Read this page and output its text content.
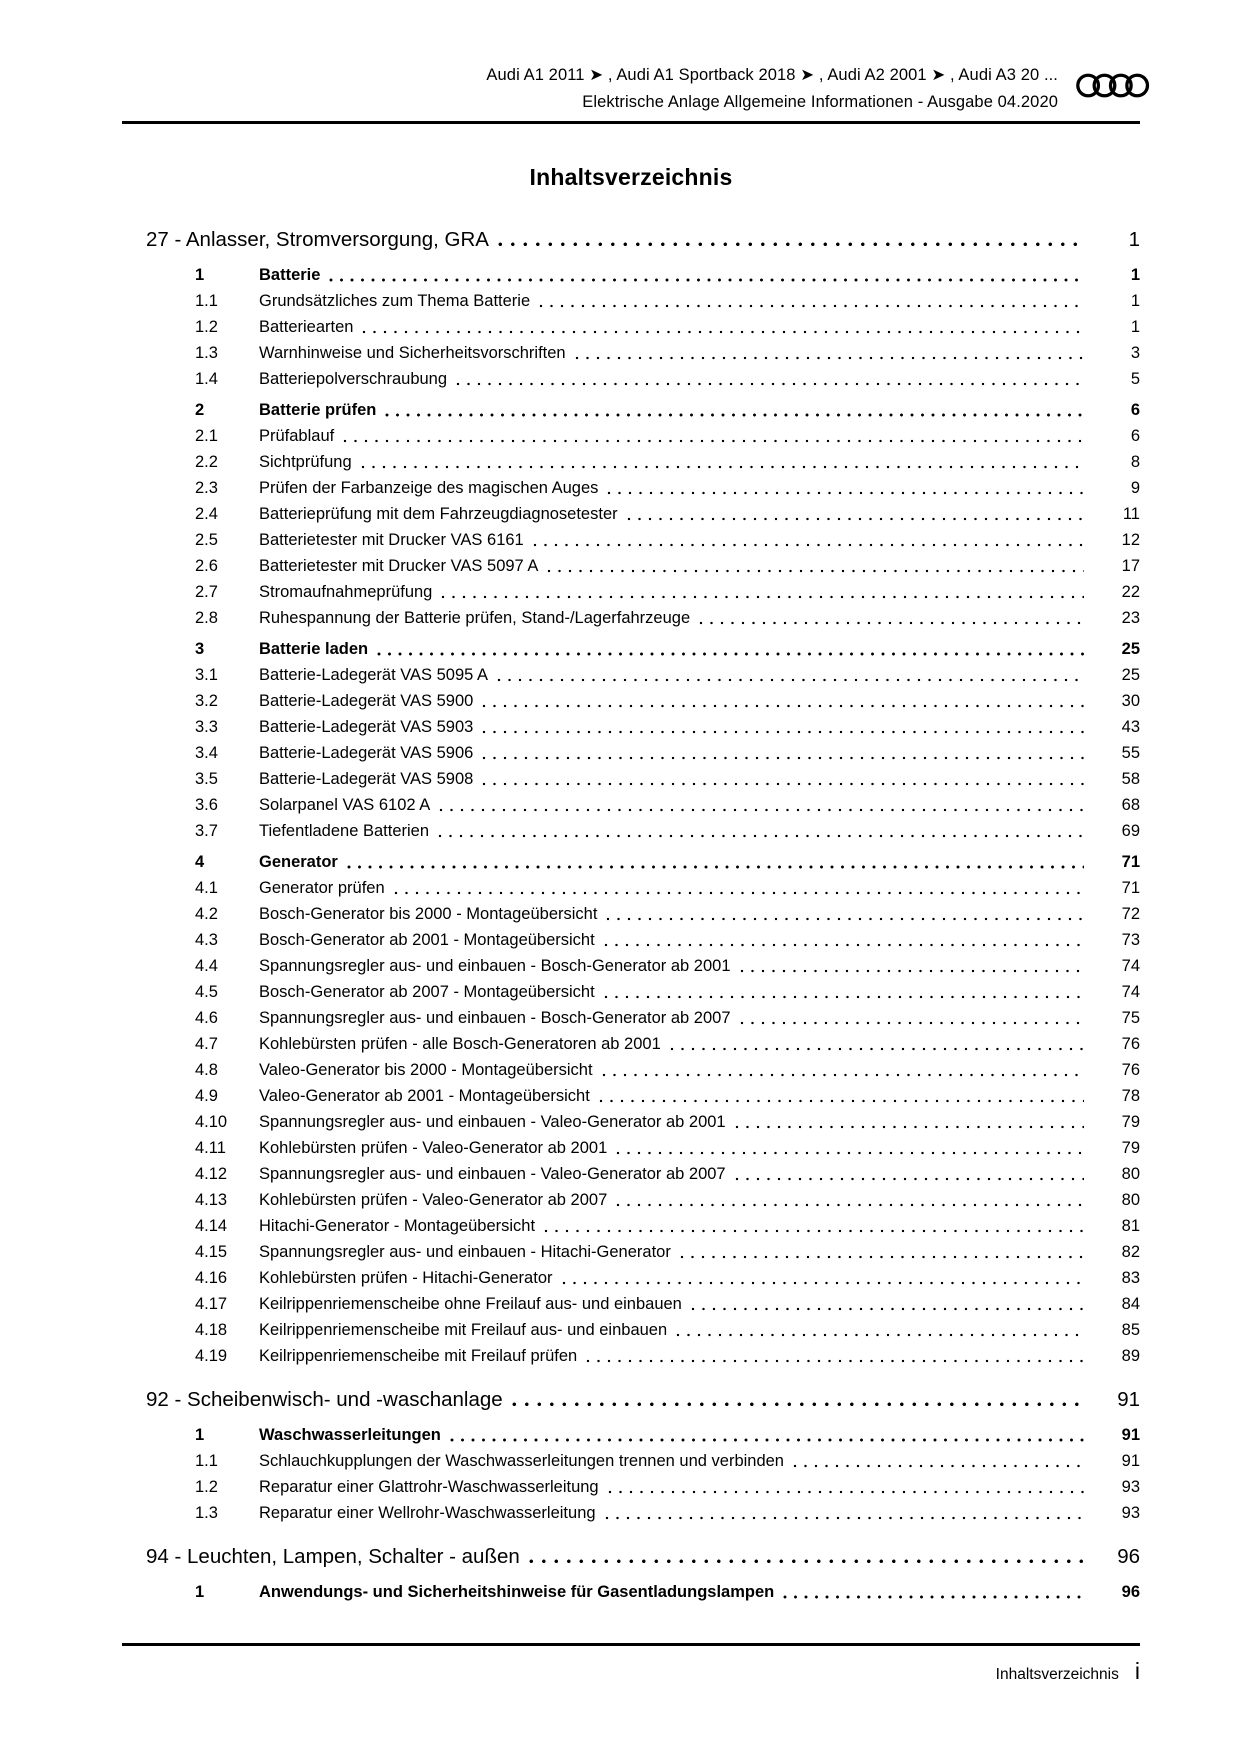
Audi A1 2011 ➤ , Audi A1 Sportback 2018 ➤ , Audi A2 2001 ➤ , Audi A3 20 ...
Elektrische Anlage Allgemeine Informationen - Ausgabe 04.2020
Inhaltsverzeichnis
27 - Anlasser, Stromversorgung, GRA	1
1	Batterie	1
1.1	Grundsätzliches zum Thema Batterie	1
1.2	Batteriearten	1
1.3	Warnhinweise und Sicherheitsvorschriften	3
1.4	Batteriepolverschraubung	5
2	Batterie prüfen	6
2.1	Prüfablauf	6
2.2	Sichtprüfung	8
2.3	Prüfen der Farbanzeige des magischen Auges	9
2.4	Batterieprüfung mit dem Fahrzeugdiagnosetester	11
2.5	Batterietester mit Drucker VAS 6161	12
2.6	Batterietester mit Drucker VAS 5097 A	17
2.7	Stromaufnahmeprüfung	22
2.8	Ruhespannung der Batterie prüfen, Stand-/Lagerfahrzeuge	23
3	Batterie laden	25
3.1	Batterie-Ladegerät VAS 5095 A	25
3.2	Batterie-Ladegerät VAS 5900	30
3.3	Batterie-Ladegerät VAS 5903	43
3.4	Batterie-Ladegerät VAS 5906	55
3.5	Batterie-Ladegerät VAS 5908	58
3.6	Solarpanel VAS 6102 A	68
3.7	Tiefentladene Batterien	69
4	Generator	71
4.1	Generator prüfen	71
4.2	Bosch-Generator bis 2000 - Montageübersicht	72
4.3	Bosch-Generator ab 2001 - Montageübersicht	73
4.4	Spannungsregler aus- und einbauen - Bosch-Generator ab 2001	74
4.5	Bosch-Generator ab 2007 - Montageübersicht	74
4.6	Spannungsregler aus- und einbauen - Bosch-Generator ab 2007	75
4.7	Kohlebürsten prüfen - alle Bosch-Generatoren ab 2001	76
4.8	Valeo-Generator bis 2000 - Montageübersicht	76
4.9	Valeo-Generator ab 2001 - Montageübersicht	78
4.10	Spannungsregler aus- und einbauen - Valeo-Generator ab 2001	79
4.11	Kohlebürsten prüfen - Valeo-Generator ab 2001	79
4.12	Spannungsregler aus- und einbauen - Valeo-Generator ab 2007	80
4.13	Kohlebürsten prüfen - Valeo-Generator ab 2007	80
4.14	Hitachi-Generator - Montageübersicht	81
4.15	Spannungsregler aus- und einbauen - Hitachi-Generator	82
4.16	Kohlebürsten prüfen - Hitachi-Generator	83
4.17	Keilrippenriemenscheibe ohne Freilauf aus- und einbauen	84
4.18	Keilrippenriemenscheibe mit Freilauf aus- und einbauen	85
4.19	Keilrippenriemenscheibe mit Freilauf prüfen	89
92 - Scheibenwisch- und -waschanlage	91
1	Waschwasserleitungen	91
1.1	Schlauchkupplungen der Waschwasserleitungen trennen und verbinden	91
1.2	Reparatur einer Glattrohr-Waschwasserleitung	93
1.3	Reparatur einer Wellrohr-Waschwasserleitung	93
94 - Leuchten, Lampen, Schalter - außen	96
1	Anwendungs- und Sicherheitshinweise für Gasentladungslampen	96
Inhaltsverzeichnis i
